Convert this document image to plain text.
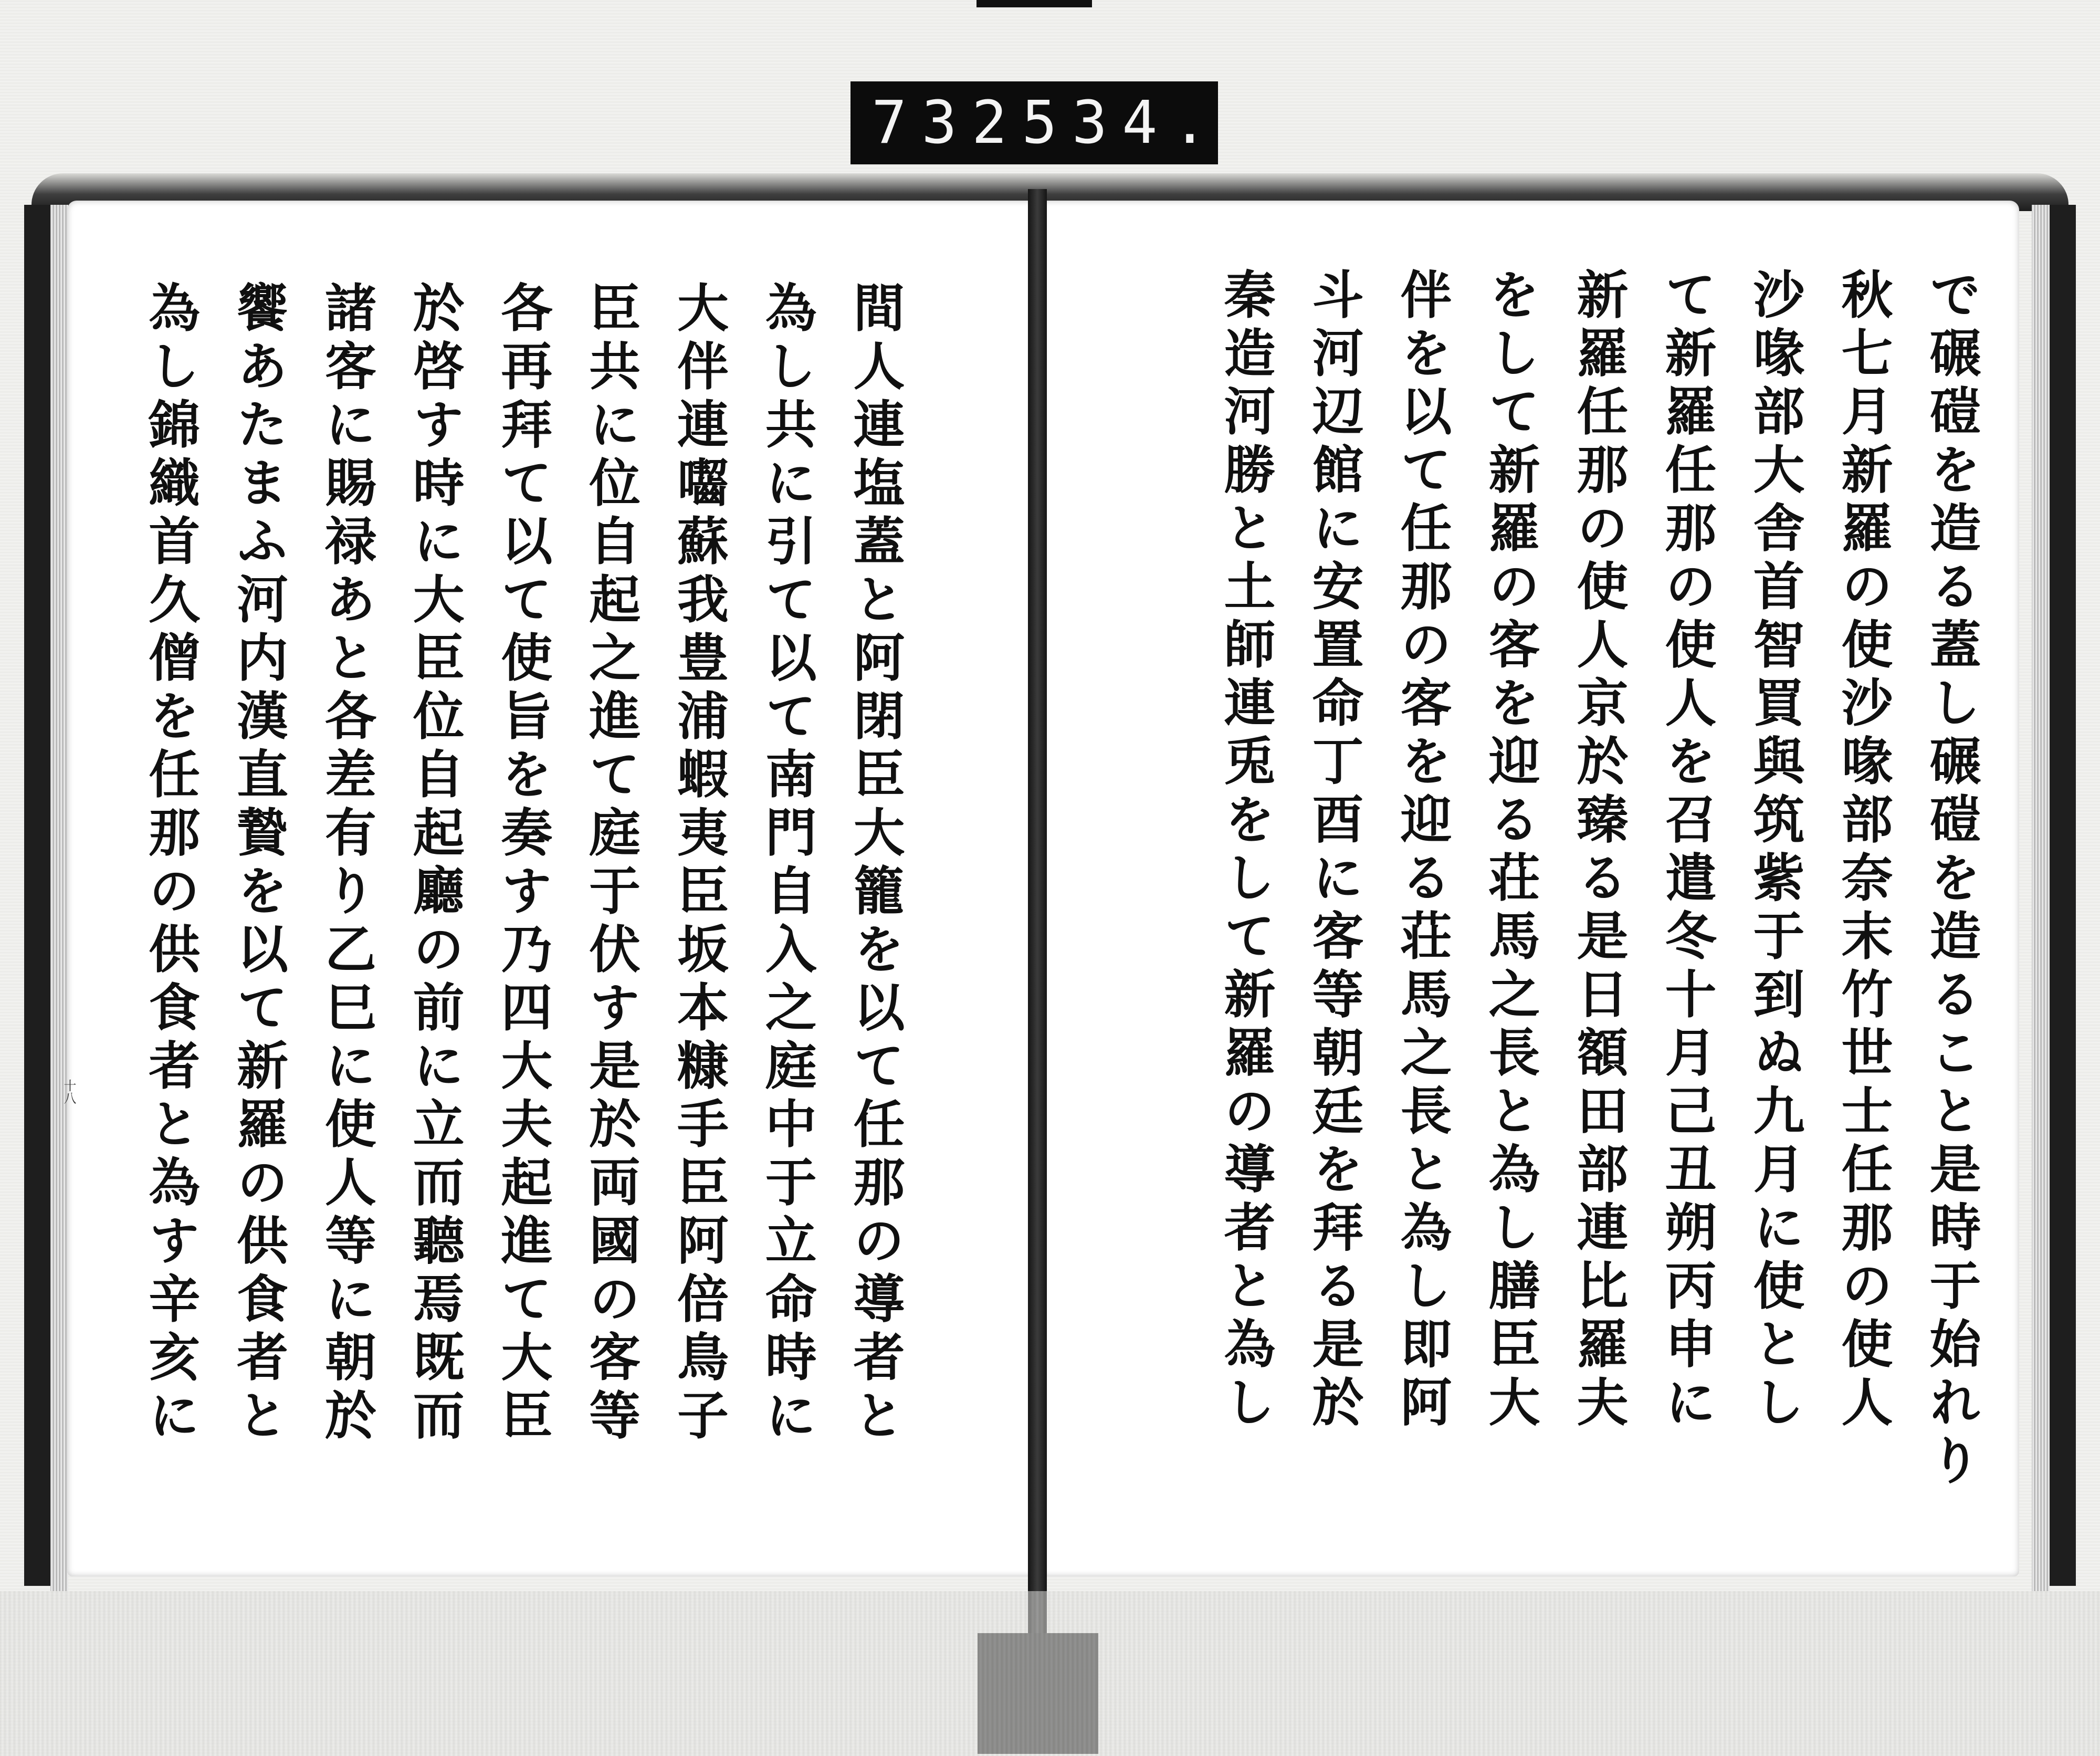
732 534.
間人連塩蓋と阿閉臣大籠を以て任那の導者と
為し共に引て以て南門自入之庭中于立命時に
大伴連囓蘇我豊浦蝦夷臣坂本糠手臣阿倍鳥子
臣共に位自起之進て庭于伏す是於両國の客等
各再拜て以て使旨を奏す乃四大夫起進て大臣
於啓す時に大臣位自起廳の前に立而聽焉既而
諸客に賜禄あと各差有り乙巳に使人等に朝於
饗あたまふ河内漢直贄を以て新羅の供食者と
為し錦織首久僧を任那の供食者と為す辛亥に	で碾磑を造る蓋し碾磑を造ること是時于始れり
秋七月新羅の使沙喙部奈末竹世士任那の使人
沙喙部大舎首智買與筑紫于到ぬ九月に使とし
て新羅任那の使人を召遣冬十月己丑朔丙申に
新羅任那の使人京於臻る是日額田部連比羅夫
をして新羅の客を迎る荘馬之長と為し膳臣大
伴を以て任那の客を迎る荘馬之長と為し即阿
斗河辺館に安置命丁酉に客等朝廷を拜る是於
秦造河勝と土師連兎をして新羅の導者と為し
十八
